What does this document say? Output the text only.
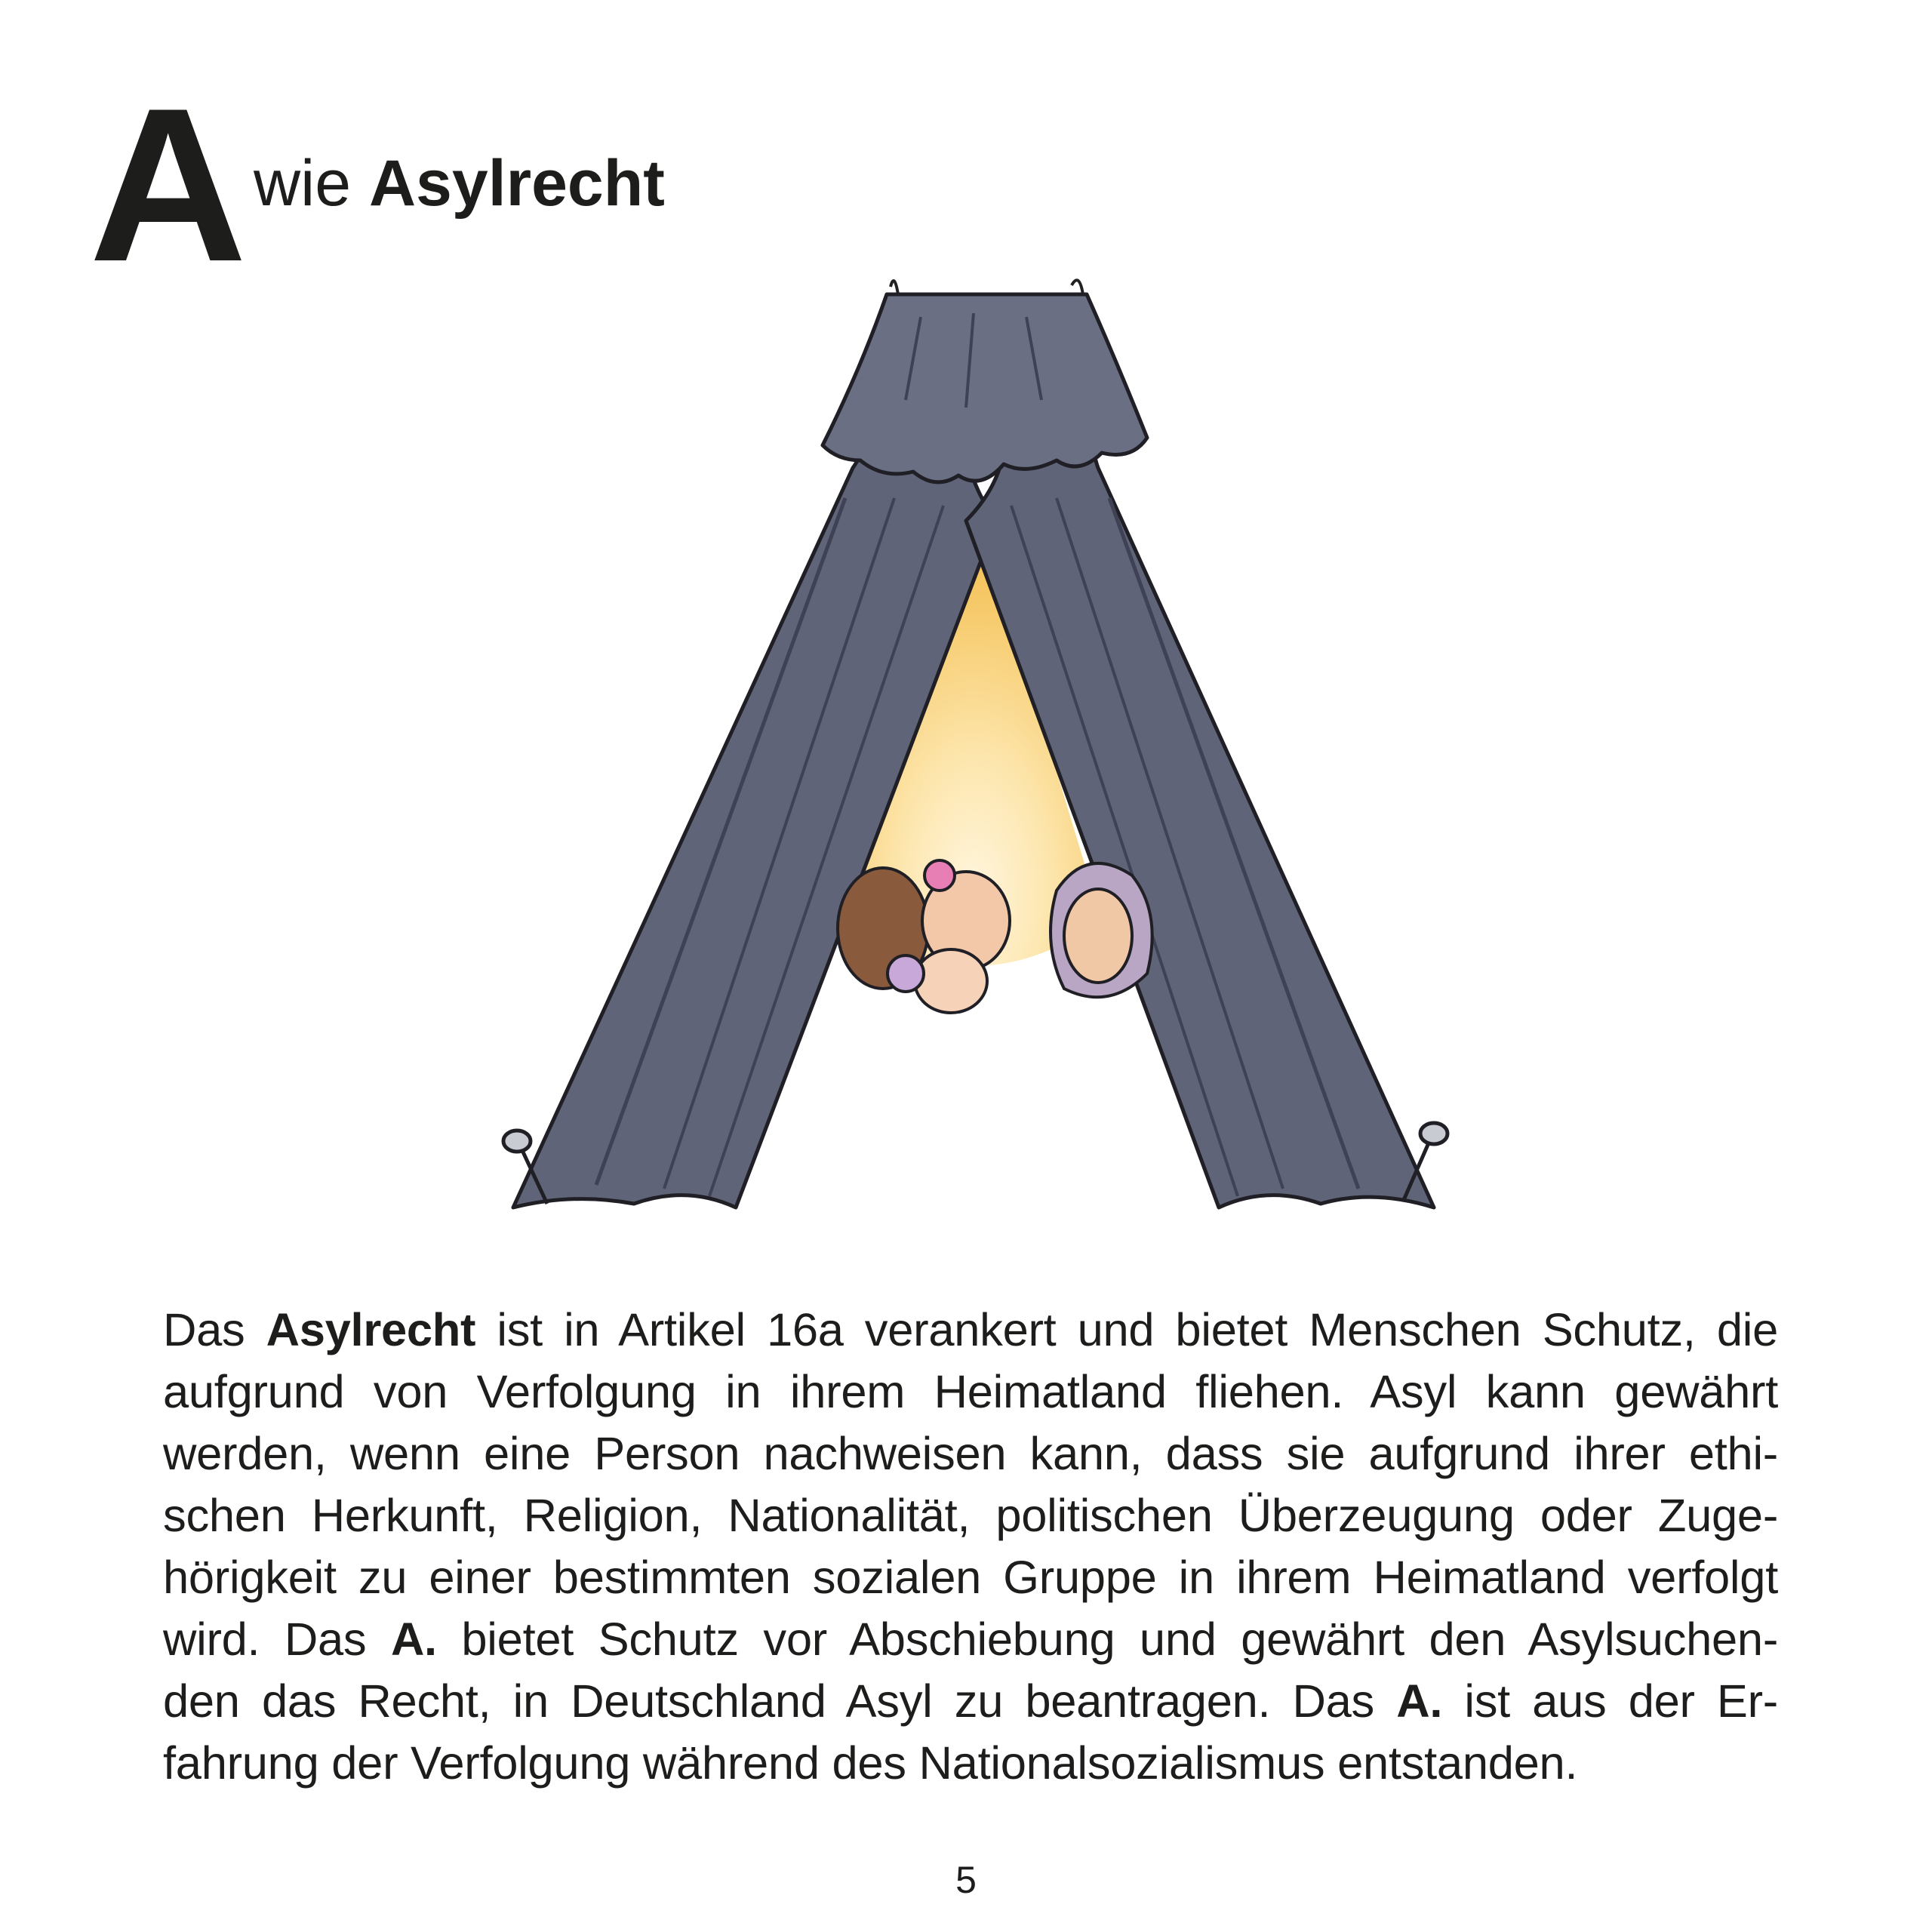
A wie Asylrecht
Das Asylrecht ist in Artikel 16a verankert und bietet Menschen Schutz, die
aufgrund von Verfolgung in ihrem Heimatland fliehen. Asyl kann gewährt
werden, wenn eine Person nachweisen kann, dass sie aufgrund ihrer ethi-
schen Herkunft, Religion, Nationalität, politischen Überzeugung oder Zuge-
hörigkeit zu einer bestimmten sozialen Gruppe in ihrem Heimatland verfolgt
wird. Das A. bietet Schutz vor Abschiebung und gewährt den Asylsuchen-
den das Recht, in Deutschland Asyl zu beantragen. Das A. ist aus der Er-
fahrung der Verfolgung während des Nationalsozialismus entstanden.
5
